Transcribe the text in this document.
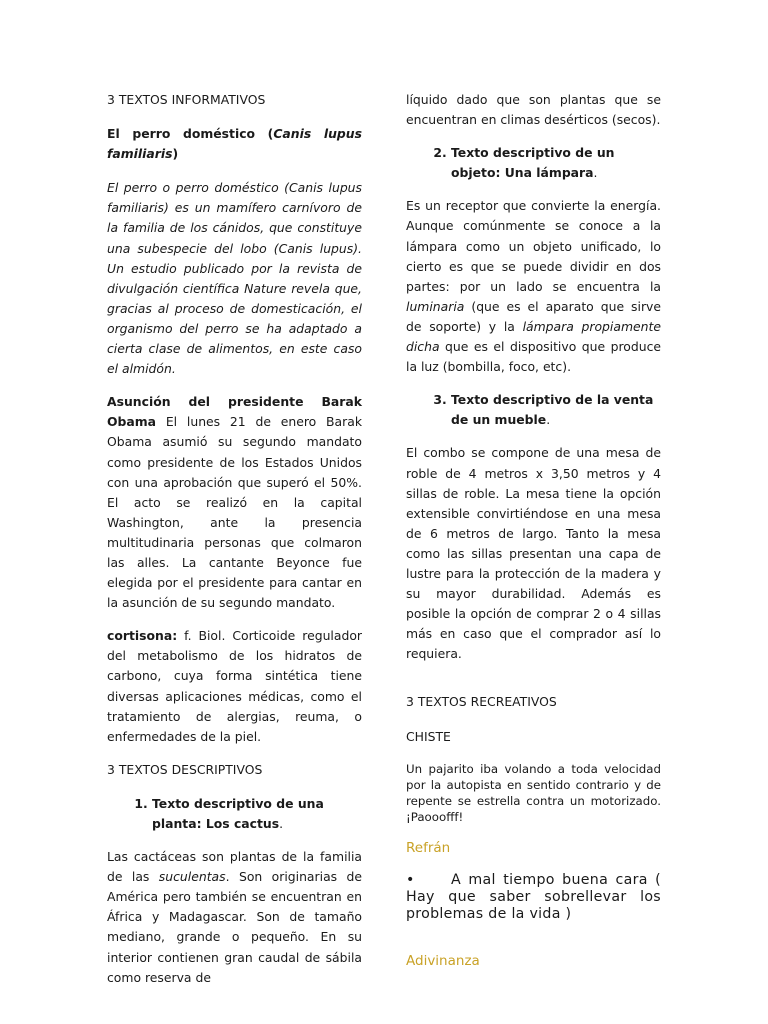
3 TEXTOS INFORMATIVOS

El perro doméstico (Canis lupus familiaris)

El perro o perro doméstico (Canis lupus familiaris) es un mamífero carnívoro de la familia de los cánidos, que constituye una subespecie del lobo (Canis lupus). Un estudio publicado por la revista de divulgación científica Nature revela que, gracias al proceso de domesticación, el organismo del perro se ha adaptado a cierta clase de alimentos, en este caso el almidón.

Asunción del presidente Barak Obama El lunes 21 de enero Barak Obama asumió su segundo mandato como presidente de los Estados Unidos con una aprobación que superó el 50%. El acto se realizó en la capital Washington, ante la presencia multitudinaria personas que colmaron las alles. La cantante Beyonce fue elegida por el presidente para cantar en la asunción de su segundo mandato.

cortisona: f. Biol. Corticoide regulador del metabolismo de los hidratos de carbono, cuya forma sintética tiene diversas aplicaciones médicas, como el tratamiento de alergias, reuma, o enfermedades de la piel.

3 TEXTOS DESCRIPTIVOS

1. Texto descriptivo de una planta: Los cactus.

Las cactáceas son plantas de la familia de las suculentas. Son originarias de América pero también se encuentran en África y Madagascar. Son de tamaño mediano, grande o pequeño. En su interior contienen gran caudal de sábila como reserva de

líquido dado que son plantas que se encuentran en climas desérticos (secos).

2. Texto descriptivo de un objeto: Una lámpara.

Es un receptor que convierte la energía. Aunque comúnmente se conoce a la lámpara como un objeto unificado, lo cierto es que se puede dividir en dos partes: por un lado se encuentra la luminaria (que es el aparato que sirve de soporte) y la lámpara propiamente dicha que es el dispositivo que produce la luz (bombilla, foco, etc).

3. Texto descriptivo de la venta de un mueble.

El combo se compone de una mesa de roble de 4 metros x 3,50 metros y 4 sillas de roble. La mesa tiene la opción extensible convirtiéndose en una mesa de 6 metros de largo. Tanto la mesa como las sillas presentan una capa de lustre para la protección de la madera y su mayor durabilidad. Además es posible la opción de comprar 2 o 4 sillas más en caso que el comprador así lo requiera.

3 TEXTOS RECREATIVOS

CHISTE

Un pajarito iba volando a toda velocidad por la autopista en sentido contrario y de repente se estrella contra un motorizado. ¡Paooofff!

Refrán

•	A mal tiempo buena cara ( Hay que saber sobrellevar los problemas de la vida )

Adivinanza
